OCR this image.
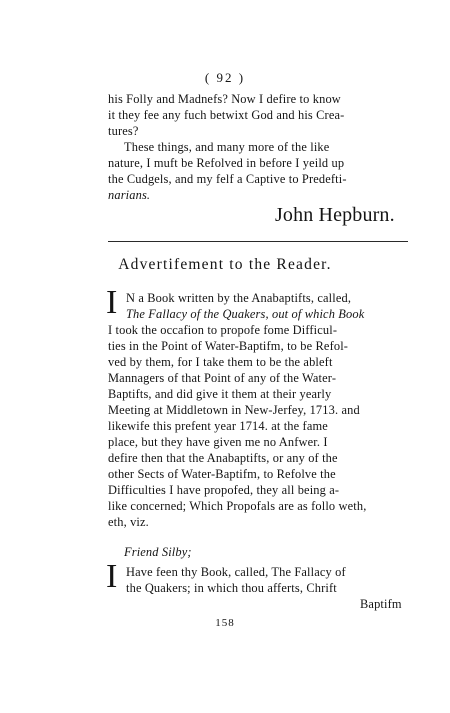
( 92 )
his Folly and Madnefs? Now I defire to know
it they fee any fuch betwixt God and his Crea-
tures?
These things, and many more of the like
nature, I muft be Refolved in before I yeild up
the Cudgels, and my felf a Captive to Predefti-
narians.
John Hepburn.
Advertifement to the Reader.
I N a Book written by the Anabaptifts, called,
The Fallacy of the Quakers, out of which Book
I took the occafion to propofe fome Difficul-
ties in the Point of Water-Baptifm, to be Refol-
ved by them, for I take them to be the ableft
Mannagers of that Point of any of the Water-
Baptifts, and did give it them at their yearly
Meeting at Middletown in New-Jerfey, 1713. and
likewife this prefent year 1714. at the fame
place, but they have given me no Anfwer. I
defire then that the Anabaptifts, or any of the
other Sects of Water-Baptifm, to Refolve the
Difficulties I have propofed, they all being a-
like concerned; Which Propofals are as follo weth,
eth, viz.
Friend Silby;
I Have feen thy Book, called, The Fallacy of
the Quakers; in which thou afferts, Chrift
Baptifm
158
